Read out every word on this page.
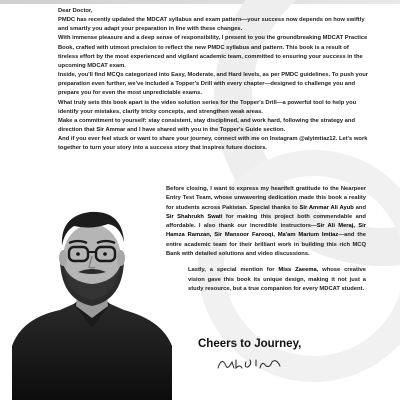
Dear Doctor,

PMDC has recently updated the MDCAT syllabus and exam pattern—your success now depends on how swiftly and smartly you adapt your preparation in line with these changes.

With immense pleasure and a deep sense of responsibility, I present to you the groundbreaking MDCAT Practice Book, crafted with utmost precision to reflect the new PMDC syllabus and pattern. This book is a result of tireless effort by the most experienced and vigilant academic team, committed to ensuring your success in the upcoming MDCAT exam.

Inside, you'll find MCQs categorized into Easy, Moderate, and Hard levels, as per PMDC guidelines. To push your preparation even further, we've included a Topper's Drill with every chapter—designed to challenge you and prepare you for even the most unpredictable exams.

What truly sets this book apart is the video solution series for the Topper's Drill—a powerful tool to help you identify your mistakes, clarify tricky concepts, and strengthen weak areas.

Make a commitment to yourself: stay consistent, stay disciplined, and work hard, following the strategy and direction that Sir Ammar and I have shared with you in the Topper's Guide section.

And if you ever feel stuck or want to share your journey, connect with me on Instagram @alyimtiaz12. Let's work together to turn your story into a success story that inspires future doctors.

Before closing, I want to express my heartfelt gratitude to the Nearpeer Entry Test Team, whose unwavering dedication made this book a reality for students across Pakistan. Special thanks to Sir Ammar Ali Ayub and Sir Shahrukh Swati for making this project both commendable and affordable. I also thank our incredible instructors—Sir Ali Meraj, Sir Hamza Ramzan, Sir Mansoor Farooqi, Ma'am Marium Imtiaz—and the entire academic team for their brilliant work in building this rich MCQ Bank with detailed solutions and video discussions.

Lastly, a special mention for Miss Zaeema, whose creative vision gave this book its unique design, making it not just a study resource, but a true companion for every MDCAT student.

Cheers to Journey,
